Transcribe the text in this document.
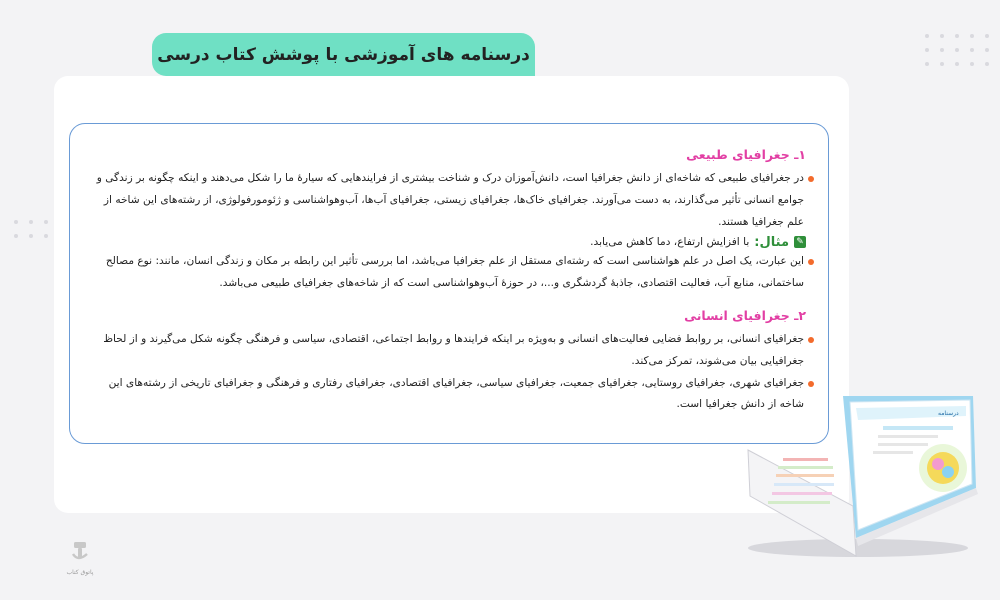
درسنامه های آموزشی با پوشش کتاب درسی
۱ـ جغرافیای طبیعی

در جغرافیای طبیعی که شاخه‌ای از دانش جغرافیا است، دانش‌آموزان درک و شناخت بیشتری از فرایندهایی که سیارهٔ ما را شکل می‌دهند و اینکه چگونه بر زندگی و جوامع انسانی تأثیر می‌گذارند، به دست می‌آورند. جغرافیای خاک‌ها، جغرافیای زیستی، جغرافیای آب‌ها، آب‌وهواشناسی و ژئومورفولوژی، از رشته‌های این شاخه از علم جغرافیا هستند.

✎
مثال:
با افزایش ارتفاع، دما کاهش می‌یابد.

این عبارت، یک اصل در علم هواشناسی است که رشته‌ای مستقل از علم جغرافیا می‌باشد، اما بررسی تأثیر این رابطه بر مکان و زندگی انسان، مانند: نوع مصالح ساختمانی، منابع آب، فعالیت اقتصادی، جاذبهٔ گردشگری و...، در حوزهٔ آب‌وهواشناسی است که از شاخه‌های جغرافیای طبیعی می‌باشد.

۲ـ جغرافیای انسانی

جغرافیای انسانی، بر روابط فضایی فعالیت‌های انسانی و به‌ویژه بر اینکه فرایندها و روابط اجتماعی، اقتصادی، سیاسی و فرهنگی چگونه شکل می‌گیرند و از لحاظ جغرافیایی بیان می‌شوند، تمرکز می‌کند.

جغرافیای شهری، جغرافیای روستایی، جغرافیای جمعیت، جغرافیای سیاسی، جغرافیای اقتصادی، جغرافیای رفتاری و فرهنگی و جغرافیای تاریخی از رشته‌های این شاخه از دانش جغرافیا است.

درسنامه
پاتوق کتاب
